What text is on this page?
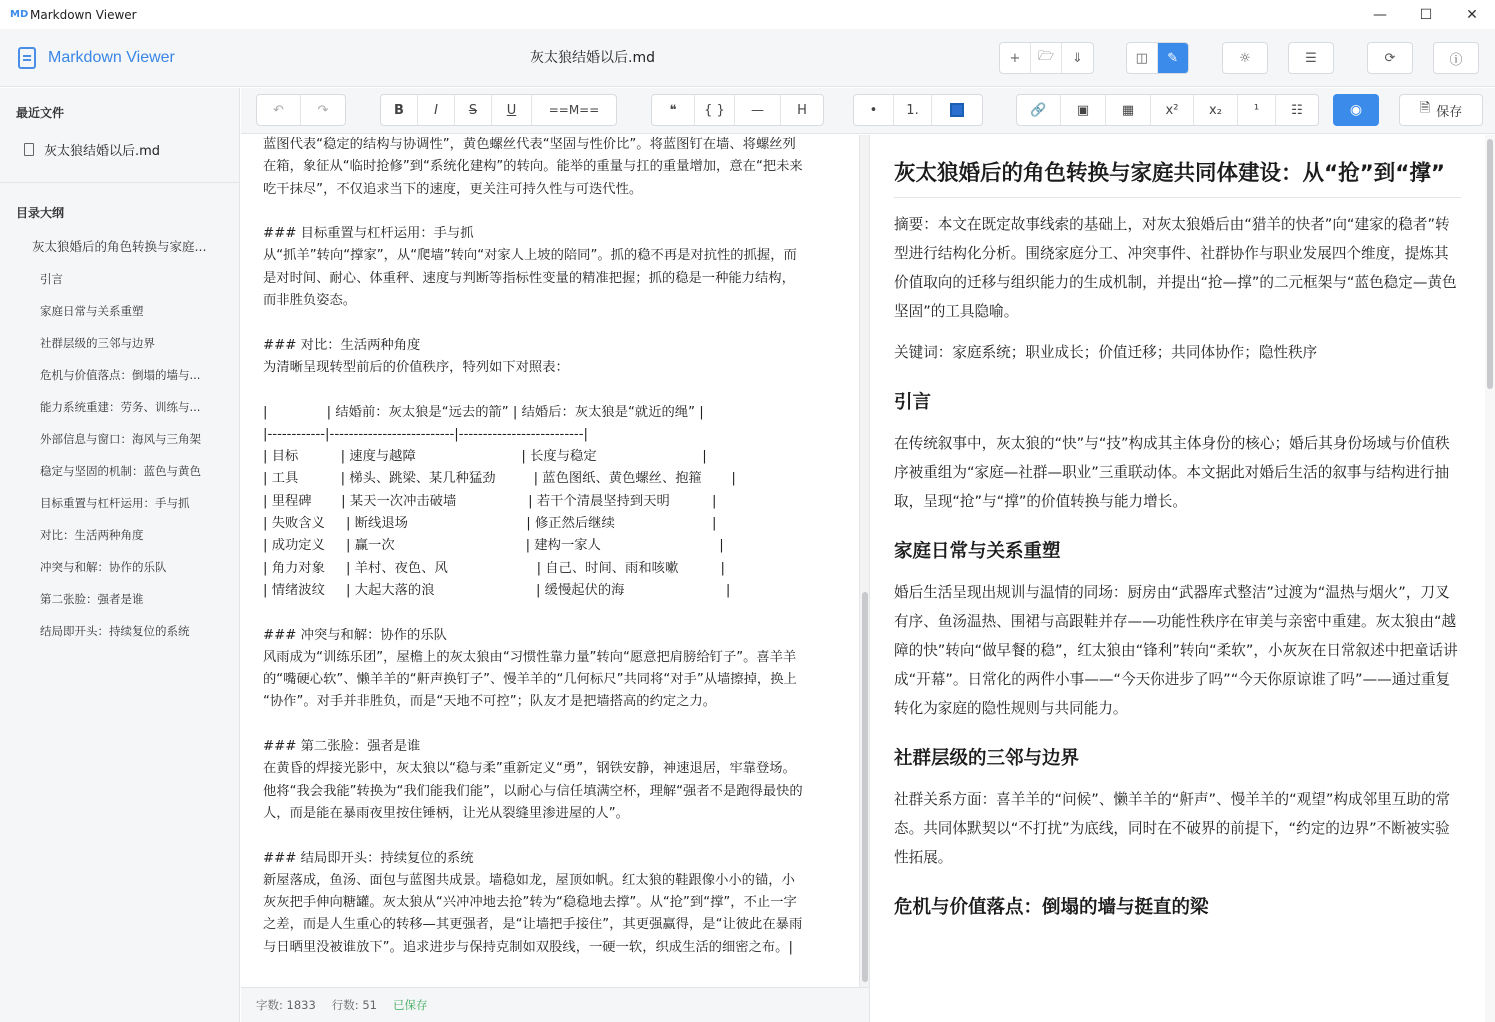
MD Markdown Viewer	—	☐	✕
Markdown Viewer	灰太狼结婚以后.md	+	🗁	⇓	◫	✎	☼	☰	⟳	ⓘ
最近文件
灰太狼结婚以后.md
目录大纲
灰太狼婚后的角色转换与家庭...
引言
家庭日常与关系重塑
社群层级的三邻与边界
危机与价值落点：倒塌的墙与...
能力系统重建：劳务、训练与...
外部信息与窗口：海风与三角架
稳定与坚固的机制：蓝色与黄色
目标重置与杠杆运用：手与抓
对比：生活两种角度
冲突与和解：协作的乐队
第二张脸：强者是谁
结局即开头：持续复位的系统
↶	↷	B	I	S	U	==M==	❝	{ }	—	H	•	1.	🔗	▣	▦	x²	x₂	¹	☷	◉	🗎 保存
蓝图代表“稳定的结构与协调性”，黄色螺丝代表“坚固与性价比”。将蓝图钉在墙、将螺丝列
在箱，象征从“临时抢修”到“系统化建构”的转向。能举的重量与扛的重量增加，意在“把未来
吃干抹尽”，不仅追求当下的速度，更关注可持久性与可迭代性。

### 目标重置与杠杆运用：手与抓
从“抓羊”转向“撑家”，从“爬墙”转向“对家人上坡的陪同”。抓的稳不再是对抗性的抓握，而
是对时间、耐心、体重秤、速度与判断等指标性变量的精准把握；抓的稳是一种能力结构，
而非胜负姿态。

### 对比：生活两种角度
为清晰呈现转型前后的价值秩序，特列如下对照表：

|              | 结婚前：灰太狼是“远去的箭” | 结婚后：灰太狼是“就近的绳” |
|------------|--------------------------|--------------------------|
| 目标          | 速度与越障                         | 长度与稳定                         |
| 工具          | 梯头、跳梁、某几种猛劲         | 蓝色图纸、黄色螺丝、抱箍       |
| 里程碑       | 某天一次冲击破墙                 | 若干个清晨坚持到天明          |
| 失败含义     | 断线退场                            | 修正然后继续                       |
| 成功定义     | 赢一次                               | 建构一家人                            |
| 角力对象     | 羊村、夜色、风                     | 自己、时间、雨和咳嗽          |
| 情绪波纹     | 大起大落的浪                        | 缓慢起伏的海                        |

### 冲突与和解：协作的乐队
风雨成为“训练乐团”，屋檐上的灰太狼由“习惯性靠力量”转向“愿意把肩膀给钉子”。喜羊羊
的“嘴硬心软”、懒羊羊的“鼾声换钉子”、慢羊羊的“几何标尺”共同将“对手”从墙擦掉，换上
“协作”。对手并非胜负，而是“天地不可控”；队友才是把墙搭高的约定之力。

### 第二张脸：强者是谁
在黄昏的焊接光影中，灰太狼以“稳与柔”重新定义“勇”，钢铁安静，神速退居，牢靠登场。
他将“我会我能”转换为“我们能我们能”，以耐心与信任填满空杯，理解“强者不是跑得最快的
人，而是能在暴雨夜里按住锤柄，让光从裂缝里渗进屋的人”。

### 结局即开头：持续复位的系统
新屋落成，鱼汤、面包与蓝图共成景。墙稳如龙，屋顶如帆。红太狼的鞋跟像小小的锚，小
灰灰把手伸向糖罐。灰太狼从“兴冲冲地去抢”转为“稳稳地去撑”。从“抢”到“撑”，不止一字
之差，而是人生重心的转移—其更强者，是“让墙把手接住”，其更强赢得，是“让彼此在暴雨
与日晒里没被谁放下”。追求进步与保持克制如双股线，一硬一软，织成生活的细密之布。|
灰太狼婚后的角色转换与家庭共同体建设：从“抢”到“撑”

摘要：本文在既定故事线索的基础上，对灰太狼婚后由“猎羊的快者”向“建家的稳者”转型进行结构化分析。围绕家庭分工、冲突事件、社群协作与职业发展四个维度，提炼其价值取向的迁移与组织能力的生成机制，并提出“抢—撑”的二元框架与“蓝色稳定—黄色坚固”的工具隐喻。

关键词：家庭系统；职业成长；价值迁移；共同体协作；隐性秩序

引言

在传统叙事中，灰太狼的“快”与“技”构成其主体身份的核心；婚后其身份场域与价值秩序被重组为“家庭—社群—职业”三重联动体。本文据此对婚后生活的叙事与结构进行抽取，呈现“抢”与“撑”的价值转换与能力增长。

家庭日常与关系重塑

婚后生活呈现出规训与温情的同场：厨房由“武器库式整洁”过渡为“温热与烟火”，刀叉有序、鱼汤温热、围裙与高跟鞋并存——功能性秩序在审美与亲密中重建。灰太狼由“越障的快”转向“做早餐的稳”，红太狼由“锋利”转向“柔软”，小灰灰在日常叙述中把童话讲成“开幕”。日常化的两件小事——“今天你进步了吗”“今天你原谅谁了吗”——通过重复转化为家庭的隐性规则与共同能力。

社群层级的三邻与边界

社群关系方面：喜羊羊的“问候”、懒羊羊的“鼾声”、慢羊羊的“观望”构成邻里互助的常态。共同体默契以“不打扰”为底线，同时在不破界的前提下，“约定的边界”不断被实验性拓展。

危机与价值落点：倒塌的墙与挺直的梁
字数: 1833 行数: 51 已保存
